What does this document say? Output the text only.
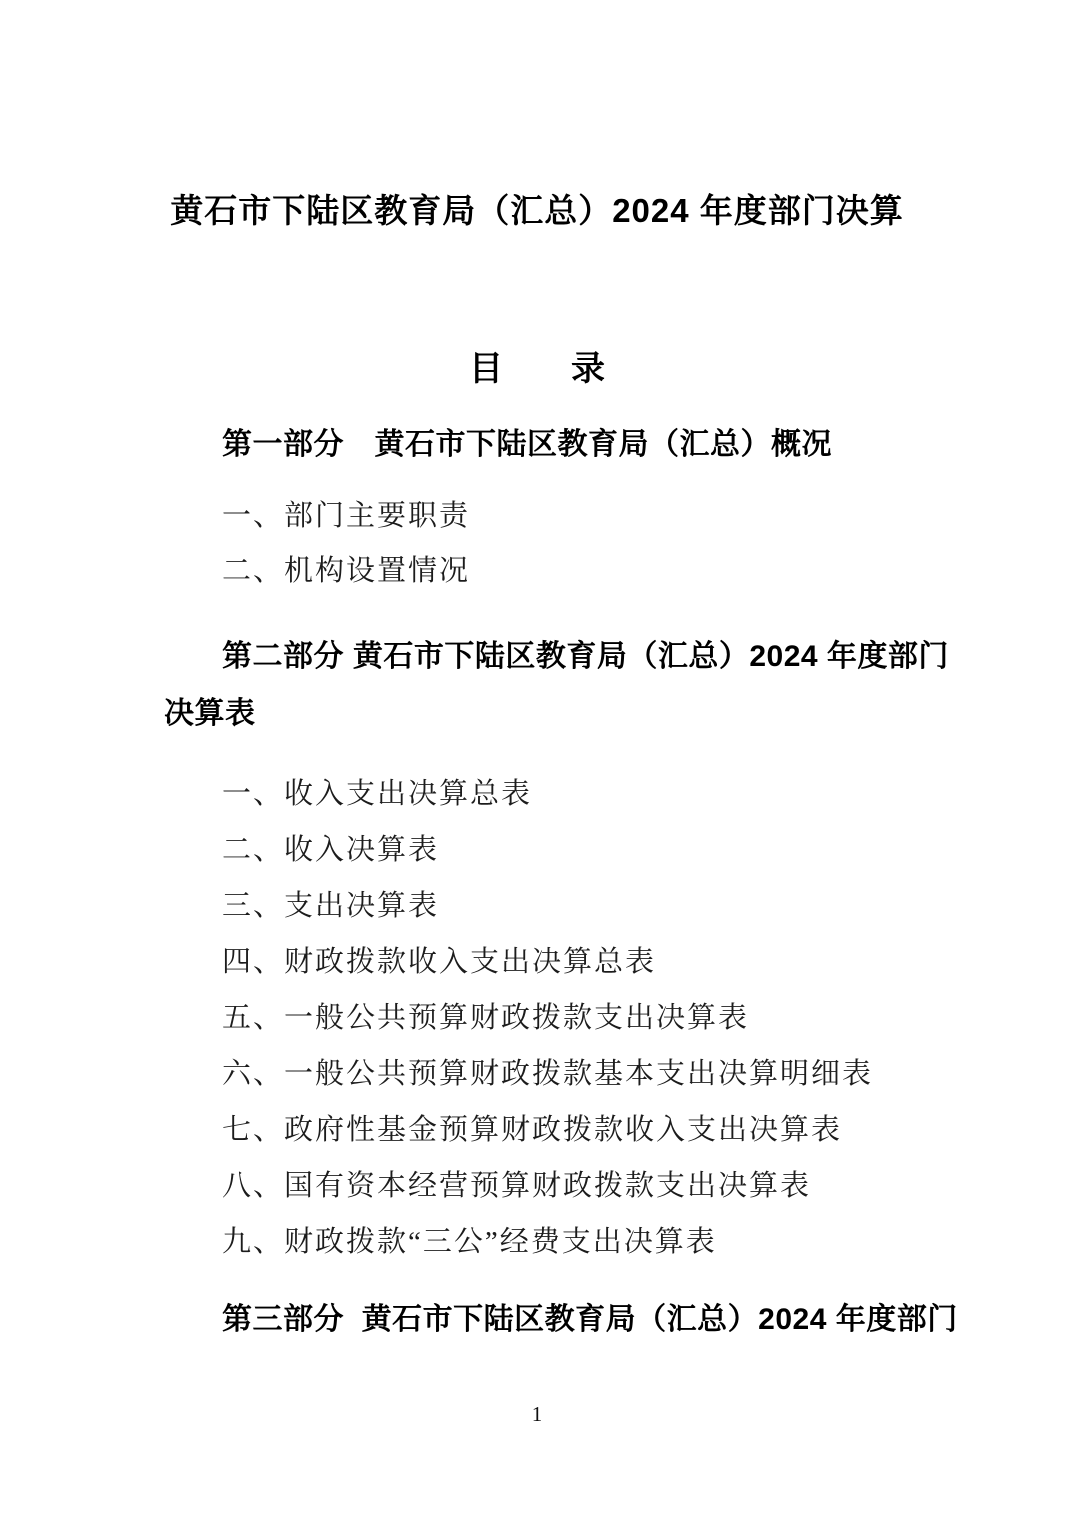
黄石市下陆区教育局（汇总）2024 年度部门决算
目　　录
第一部分　黄石市下陆区教育局（汇总）概况
一、部门主要职责
二、机构设置情况
第二部分 黄石市下陆区教育局（汇总）2024 年度部门
决算表
一、收入支出决算总表
二、收入决算表
三、支出决算表
四、财政拨款收入支出决算总表
五、一般公共预算财政拨款支出决算表
六、一般公共预算财政拨款基本支出决算明细表
七、政府性基金预算财政拨款收入支出决算表
八、国有资本经营预算财政拨款支出决算表
九、财政拨款“三公”经费支出决算表
第三部分  黄石市下陆区教育局（汇总）2024 年度部门
1
